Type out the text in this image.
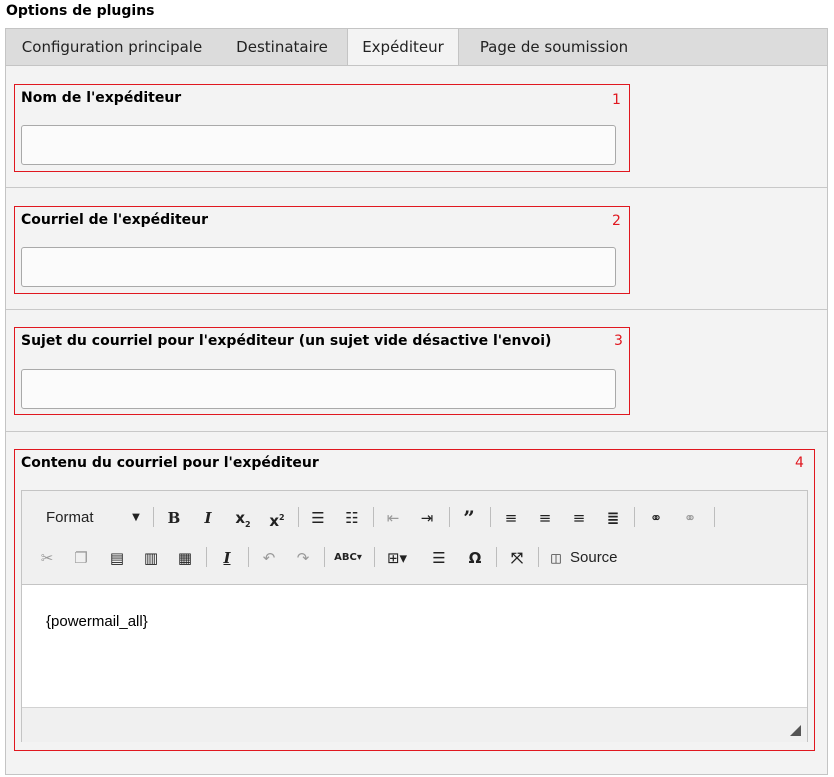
Options de plugins
Configuration principale	Destinataire	Expéditeur	Page de soumission
Nom de l'expéditeur	1
Courriel de l'expéditeur	2
Sujet du courriel pour l'expéditeur (un sujet vide désactive l'envoi)	3
Contenu du courriel pour l'expéditeur	4
Format	▼ B	I	$x_2$ $x^2$ ☰ ☷	⇤	⇥ ”	≡	≡	≡	≣	⚭	⚭
✂	❐ ▤ ▥ ▦	I	↶	↷	ABC▾	⊞▾	☰	Ω	⤧	◫ Source
{powermail_all}
